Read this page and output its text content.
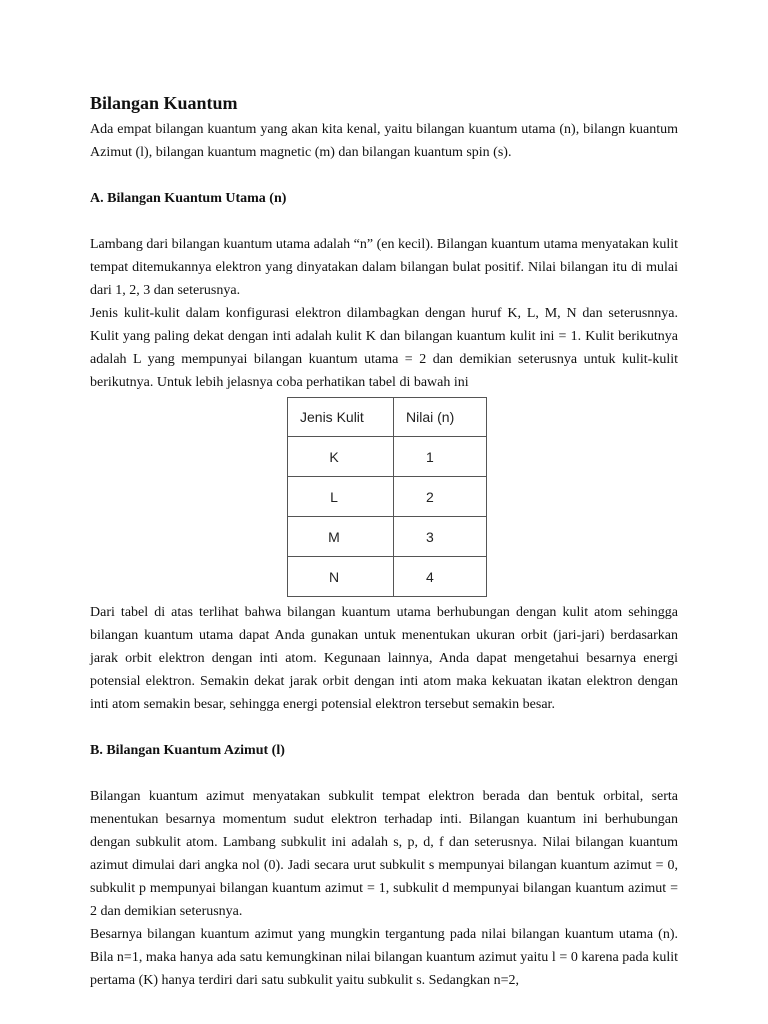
Bilangan Kuantum

Ada empat bilangan kuantum yang akan kita kenal, yaitu bilangan kuantum utama (n), bilangn kuantum Azimut (l), bilangan kuantum magnetic (m) dan bilangan kuantum spin (s).

A. Bilangan Kuantum Utama (n)

Lambang dari bilangan kuantum utama adalah “n” (en kecil). Bilangan kuantum utama menyatakan kulit tempat ditemukannya elektron yang dinyatakan dalam bilangan bulat positif. Nilai bilangan itu di mulai dari 1, 2, 3 dan seterusnya.

Jenis kulit-kulit dalam konfigurasi elektron dilambagkan dengan huruf K, L, M, N dan seterusnnya. Kulit yang paling dekat dengan inti adalah kulit K dan bilangan kuantum kulit ini = 1. Kulit berikutnya adalah L yang mempunyai bilangan kuantum utama = 2 dan demikian seterusnya untuk kulit-kulit berikutnya. Untuk lebih jelasnya coba perhatikan tabel di bawah ini

Jenis Kulit	Nilai (n)
K	1
L	2
M	3
N	4

Dari tabel di atas terlihat bahwa bilangan kuantum utama berhubungan dengan kulit atom sehingga bilangan kuantum utama dapat Anda gunakan untuk menentukan ukuran orbit (jari-jari) berdasarkan jarak orbit elektron dengan inti atom. Kegunaan lainnya, Anda dapat mengetahui besarnya energi potensial elektron. Semakin dekat jarak orbit dengan inti atom maka kekuatan ikatan elektron dengan inti atom semakin besar, sehingga energi potensial elektron tersebut semakin besar.

B. Bilangan Kuantum Azimut (l)

Bilangan kuantum azimut menyatakan subkulit tempat elektron berada dan bentuk orbital, serta menentukan besarnya momentum sudut elektron terhadap inti. Bilangan kuantum ini berhubungan dengan subkulit atom. Lambang subkulit ini adalah s, p, d, f dan seterusnya. Nilai bilangan kuantum azimut dimulai dari angka nol (0). Jadi secara urut subkulit s mempunyai bilangan kuantum azimut = 0, subkulit p mempunyai bilangan kuantum azimut = 1, subkulit d mempunyai bilangan kuantum azimut = 2 dan demikian seterusnya.

Besarnya bilangan kuantum azimut yang mungkin tergantung pada nilai bilangan kuantum utama (n). Bila n=1, maka hanya ada satu kemungkinan nilai bilangan kuantum azimut yaitu l = 0 karena pada kulit pertama (K) hanya terdiri dari satu subkulit yaitu subkulit s. Sedangkan n=2,
